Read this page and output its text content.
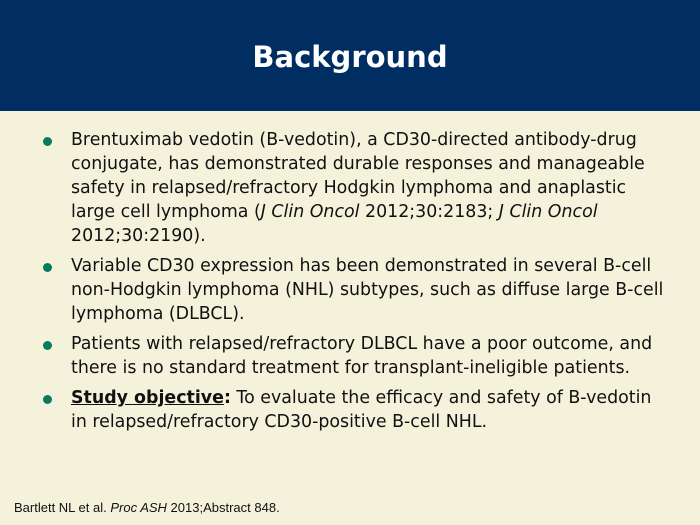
Background
Brentuximab vedotin (B-vedotin), a CD30-directed antibody-drug conjugate, has demonstrated durable responses and manageable safety in relapsed/refractory Hodgkin lymphoma and anaplastic large cell lymphoma (J Clin Oncol 2012;30:2183; J Clin Oncol 2012;30:2190).
Variable CD30 expression has been demonstrated in several B-cell non-Hodgkin lymphoma (NHL) subtypes, such as diffuse large B-cell lymphoma (DLBCL).
Patients with relapsed/refractory DLBCL have a poor outcome, and there is no standard treatment for transplant-ineligible patients.
Study objective: To evaluate the efficacy and safety of B-vedotin in relapsed/refractory CD30-positive B-cell NHL.
Bartlett NL et al. Proc ASH 2013;Abstract 848.
